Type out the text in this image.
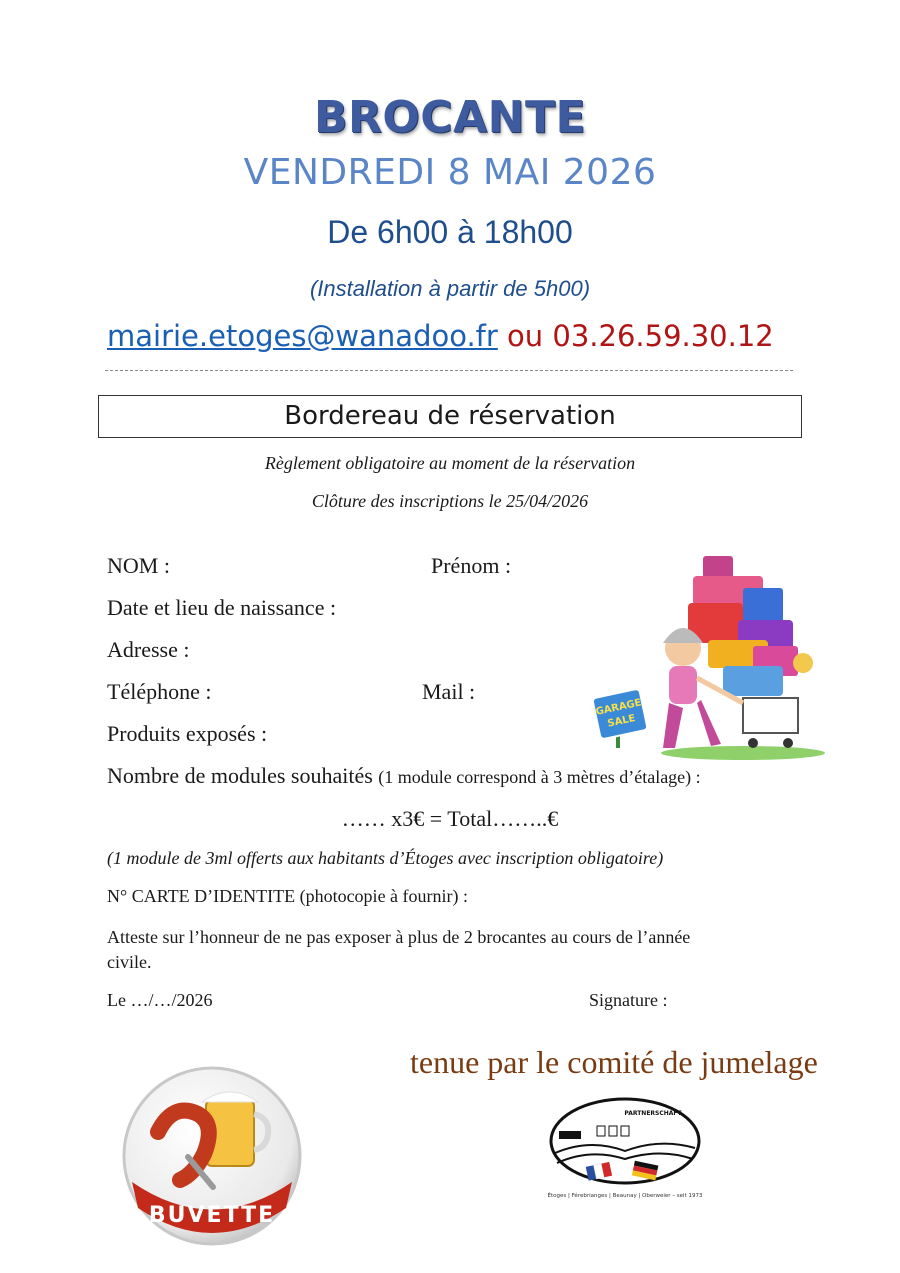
BROCANTE
VENDREDI 8 MAI 2026
De 6h00 à 18h00
(Installation à partir de 5h00)
mairie.etoges@wanadoo.fr ou 03.26.59.30.12
Bordereau de réservation
Règlement obligatoire au moment de la réservation
Clôture des inscriptions le 25/04/2026
NOM :	Prénom :
Date et lieu de naissance :
Adresse :
Téléphone :	Mail :
Produits exposés :
Nombre de modules souhaités (1 module correspond à 3 mètres d’étalage) :
…… x3€ = Total……..€
(1 module de 3ml offerts aux habitants d’Étoges avec inscription obligatoire)
N° CARTE D’IDENTITE (photocopie à fournir) :
Atteste sur l’honneur de ne pas exposer à plus de 2 brocantes au cours de l’année
civile.
Le …/…/2026	Signature :
GARAGE
SALE
BUVETTE
tenue par le comité de jumelage
PARTNERSCHAFT
Étoges | Férebrianges | Beaunay | Oberweier – seit 1973
